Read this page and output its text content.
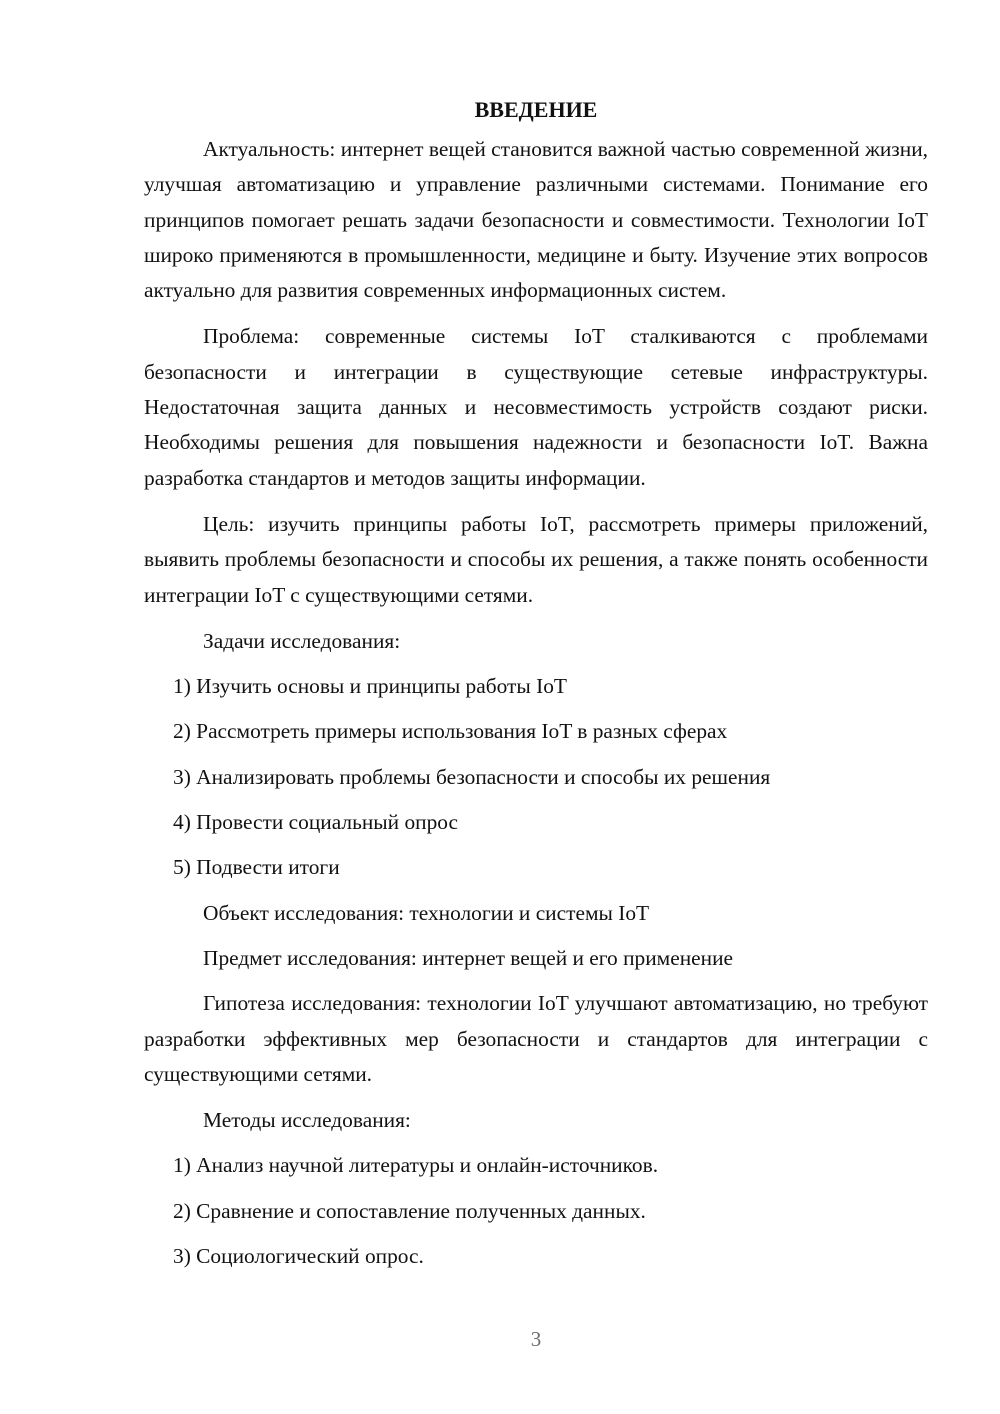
ВВЕДЕНИЕ

Актуальность: интернет вещей становится важной частью современной жизни, улучшая автоматизацию и управление различными системами. Понимание его принципов помогает решать задачи безопасности и совместимости. Технологии IoT широко применяются в промышленности, медицине и быту. Изучение этих вопросов актуально для развития современных информационных систем.

Проблема: современные системы IoT сталкиваются с проблемами безопасности и интеграции в существующие сетевые инфраструктуры. Недостаточная защита данных и несовместимость устройств создают риски. Необходимы решения для повышения надежности и безопасности IoT. Важна разработка стандартов и методов защиты информации.

Цель: изучить принципы работы IoT, рассмотреть примеры приложений, выявить проблемы безопасности и способы их решения, а также понять особенности интеграции IoT с существующими сетями.

Задачи исследования:

1) Изучить основы и принципы работы IoT

2) Рассмотреть примеры использования IoT в разных сферах

3) Анализировать проблемы безопасности и способы их решения

4) Провести социальный опрос

5) Подвести итоги

Объект исследования: технологии и системы IoT

Предмет исследования: интернет вещей и его применение

Гипотеза исследования: технологии IoT улучшают автоматизацию, но требуют разработки эффективных мер безопасности и стандартов для интеграции с существующими сетями.

Методы исследования:

1) Анализ научной литературы и онлайн-источников.

2) Сравнение и сопоставление полученных данных.

3) Социологический опрос.

3
